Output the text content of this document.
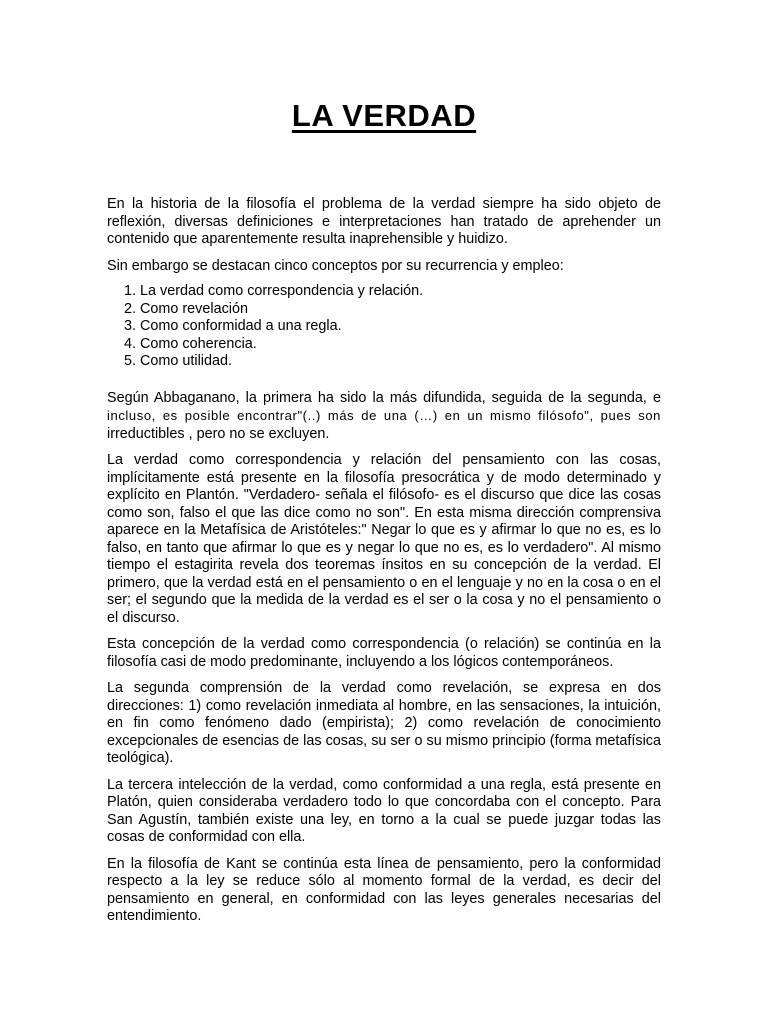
LA VERDAD

En la historia de la filosofía el problema de la verdad siempre ha sido objeto de reflexión, diversas definiciones e interpretaciones han tratado de aprehender un contenido que aparentemente resulta inaprehensible y huidizo.

Sin embargo se destacan cinco conceptos por su recurrencia y empleo:

1. La verdad como correspondencia y relación.
2. Como revelación
3. Como conformidad a una regla.
4. Como coherencia.
5. Como utilidad.

Según Abbaganano, la primera ha sido la más difundida, seguida de la segunda, e incluso, es posible encontrar"(..) más de una (…) en un mismo filósofo", pues son irreductibles , pero no se excluyen.

La verdad como correspondencia y relación del pensamiento con las cosas, implícitamente está presente en la filosofía presocrática y de modo determinado y explícito en Plantón. "Verdadero- señala el filósofo- es el discurso que dice las cosas como son, falso el que las dice como no son". En esta misma dirección comprensiva aparece en la Metafísica de Aristóteles:" Negar lo que es y afirmar lo que no es, es lo falso, en tanto que afirmar lo que es y negar lo que no es, es lo verdadero". Al mismo tiempo el estagirita revela dos teoremas ínsitos en su concepción de la verdad. El primero, que la verdad está en el pensamiento o en el lenguaje y no en la cosa o en el ser; el segundo que la medida de la verdad es el ser o la cosa y no el pensamiento o el discurso.

Esta concepción de la verdad como correspondencia (o relación) se continúa en la filosofía casi de modo predominante, incluyendo a los lógicos contemporáneos.

La segunda comprensión de la verdad como revelación, se expresa en dos direcciones: 1) como revelación inmediata al hombre, en las sensaciones, la intuición, en fin como fenómeno dado (empirista); 2) como revelación de conocimiento excepcionales de esencias de las cosas, su ser o su mismo principio (forma metafísica teológica).

La tercera intelección de la verdad, como conformidad a una regla, está presente en Platón, quien consideraba verdadero todo lo que concordaba con el concepto. Para San Agustín, también existe una ley, en torno a la cual se puede juzgar todas las cosas de conformidad con ella.

En la filosofía de Kant se continúa esta línea de pensamiento, pero la conformidad respecto a la ley se reduce sólo al momento formal de la verdad, es decir del pensamiento en general, en conformidad con las leyes generales necesarias del entendimiento.
